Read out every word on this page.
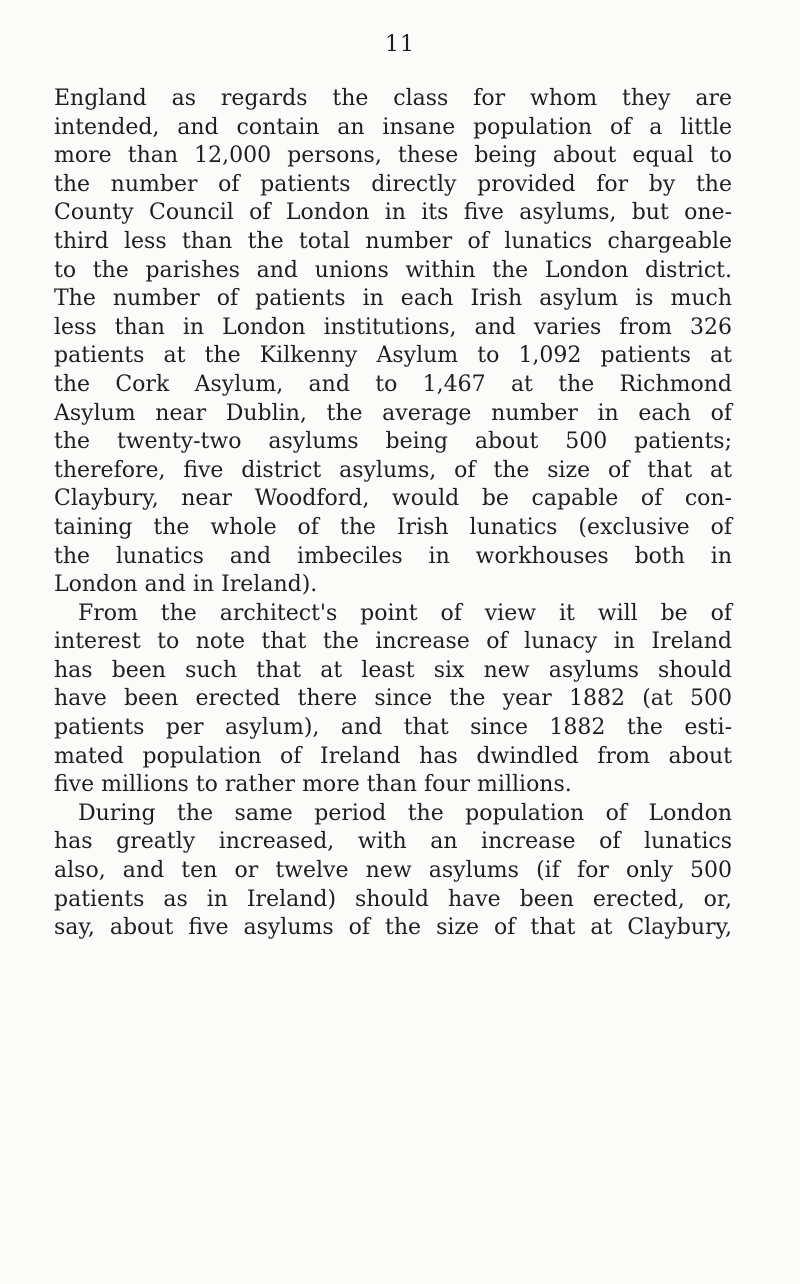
11
England as regards the class for whom they are
intended, and contain an insane population of a little
more than 12,000 persons, these being about equal to
the number of patients directly provided for by the
County Council of London in its five asylums, but one-
third less than the total number of lunatics chargeable
to the parishes and unions within the London district.
The number of patients in each Irish asylum is much
less than in London institutions, and varies from 326
patients at the Kilkenny Asylum to 1,092 patients at
the Cork Asylum, and to 1,467 at the Richmond
Asylum near Dublin, the average number in each of
the twenty-two asylums being about 500 patients;
therefore, five district asylums, of the size of that at
Claybury, near Woodford, would be capable of con-
taining the whole of the Irish lunatics (exclusive of
the lunatics and imbeciles in workhouses both in
London and in Ireland).
From the architect's point of view it will be of
interest to note that the increase of lunacy in Ireland
has been such that at least six new asylums should
have been erected there since the year 1882 (at 500
patients per asylum), and that since 1882 the esti-
mated population of Ireland has dwindled from about
five millions to rather more than four millions.
During the same period the population of London
has greatly increased, with an increase of lunatics
also, and ten or twelve new asylums (if for only 500
patients as in Ireland) should have been erected, or,
say, about five asylums of the size of that at Claybury,
